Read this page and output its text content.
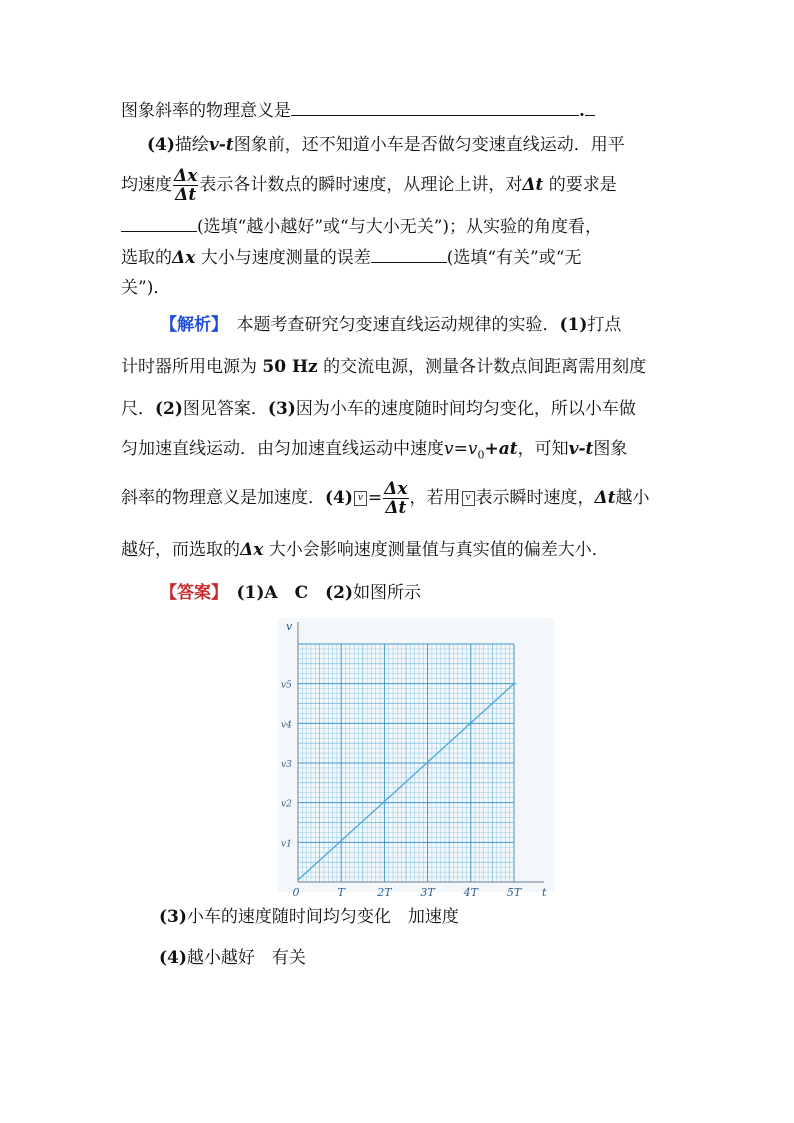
图象斜率的物理意义是	.
(4)描绘v-t图象前，还不知道小车是否做匀变速直线运动．用平
均速度 $\frac{\Delta x}{\Delta t}$ 表示各计数点的瞬时速度，从理论上讲，对Δt 的要求是
(选填“越小越好”或“与大小无关”)；从实验的角度看，
选取的Δx 大小与速度测量的误差	(选填“有关”或“无
关”)．
【解析】　 本题考查研究匀变速直线运动规律的实验．(1)打点
计时器所用电源为 50 Hz 的交流电源，测量各计数点间距离需用刻度
尺．(2)图见答案．(3)因为小车的速度随时间均匀变化，所以小车做
匀加速直线运动．由匀加速直线运动中速度$v=v_0+at$，可知v-t图象
斜率的物理意义是加速度．(4) $v = \frac{\Delta x}{\Delta t}$ ，若用 v 表示瞬时速度，Δt越小
越好，而选取的Δx 大小会影响速度测量值与真实值的偏差大小．
【答案】　 (1)A　C　(2)如图所示
0	T	2T	3T	4T	5T
v1
v2
v3
v4
v5
t
v
(3)小车的速度随时间均匀变化　加速度
(4)越小越好　有关
